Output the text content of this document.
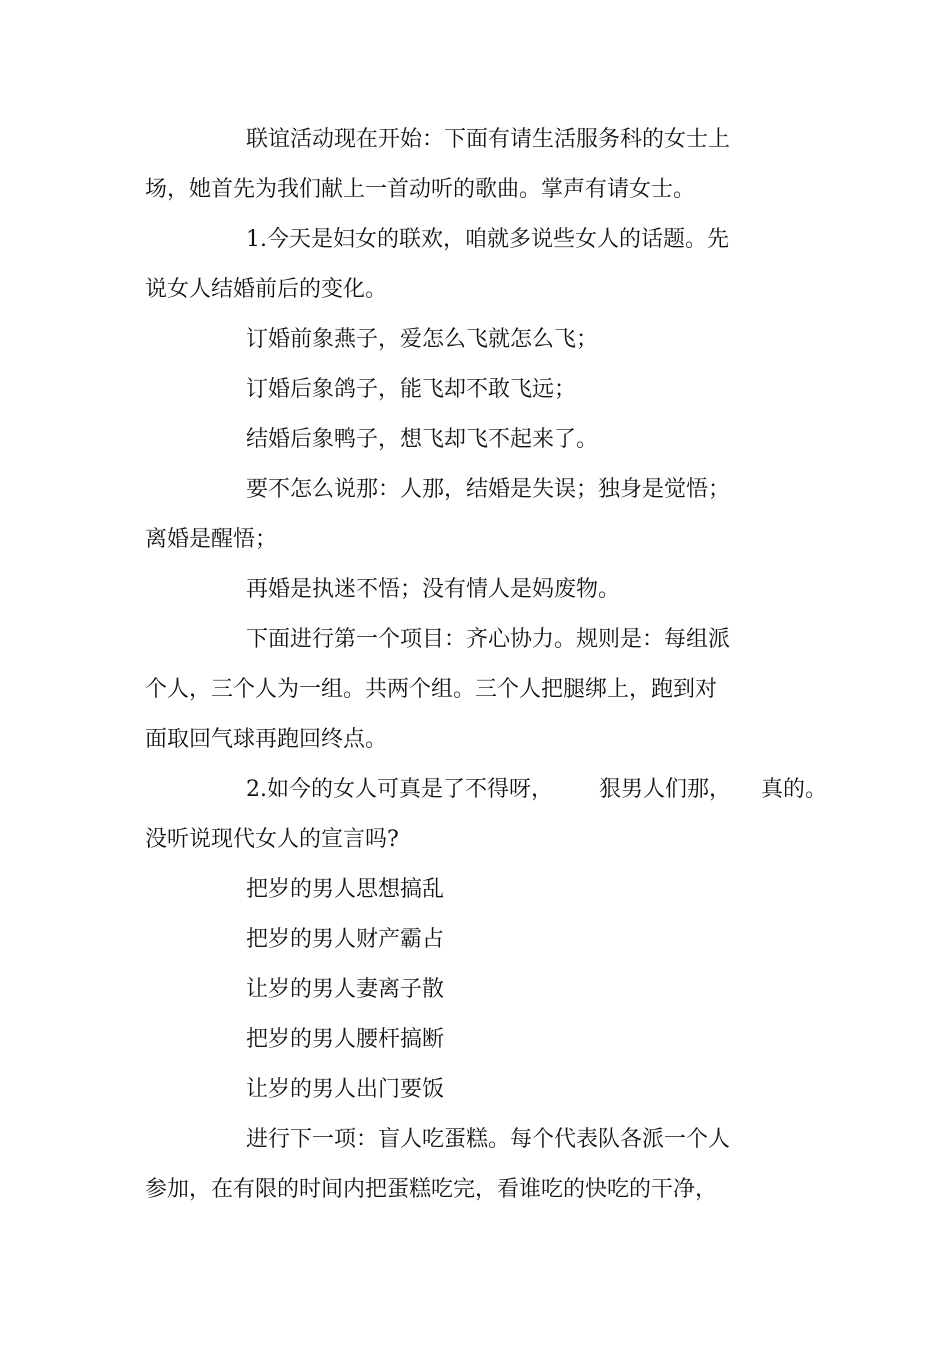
联谊活动现在开始：下面有请生活服务科的女士上
场，她首先为我们献上一首动听的歌曲。掌声有请女士。
1.今天是妇女的联欢，咱就多说些女人的话题。先
说女人结婚前后的变化。
订婚前象燕子，爱怎么飞就怎么飞；
订婚后象鸽子，能飞却不敢飞远；
结婚后象鸭子，想飞却飞不起来了。
要不怎么说那：人那，结婚是失误；独身是觉悟；
离婚是醒悟；
再婚是执迷不悟；没有情人是妈废物。
下面进行第一个项目：齐心协力。规则是：每组派
个人，三个人为一组。共两个组。三个人把腿绑上，跑到对
面取回气球再跑回终点。
2.如今的女人可真是了不得呀， 狠男人们那， 真的。
没听说现代女人的宣言吗?
把岁的男人思想搞乱
把岁的男人财产霸占
让岁的男人妻离子散
把岁的男人腰杆搞断
让岁的男人出门要饭
进行下一项：盲人吃蛋糕。每个代表队各派一个人
参加，在有限的时间内把蛋糕吃完，看谁吃的快吃的干净，
